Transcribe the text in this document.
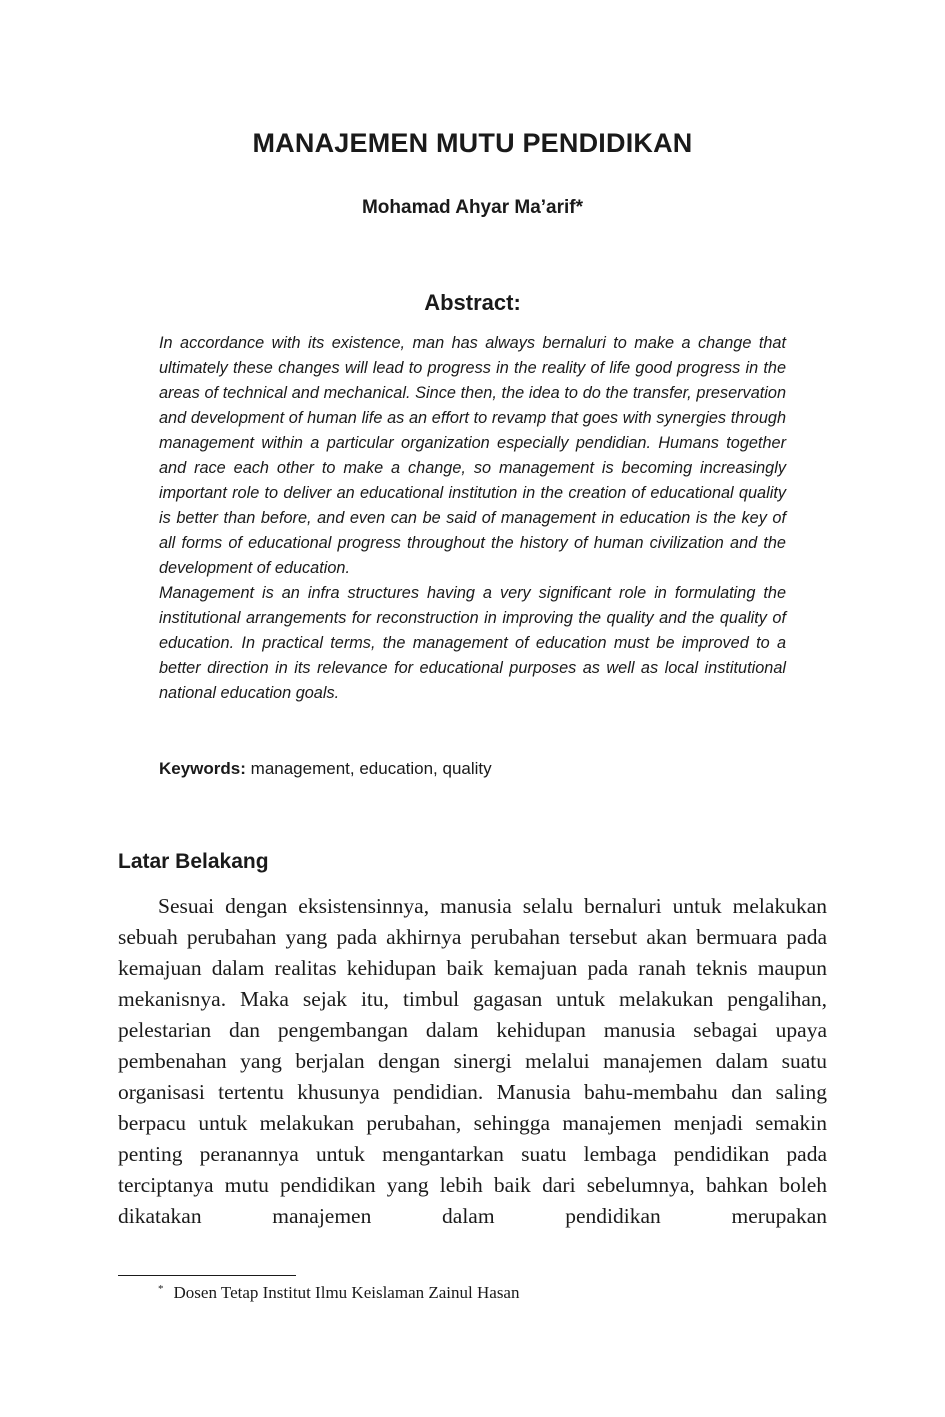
MANAJEMEN MUTU PENDIDIKAN
Mohamad Ahyar Ma’arif*
Abstract:

In accordance with its existence, man has always bernaluri to make a change that ultimately these changes will lead to progress in the reality of life good progress in the areas of technical and mechanical. Since then, the idea to do the transfer, preservation and development of human life as an effort to revamp that goes with synergies through management within a particular organization especially pendidian. Humans together and race each other to make a change, so management is becoming increasingly important role to deliver an educational institution in the creation of educational quality is better than before, and even can be said of management in education is the key of all forms of educational progress throughout the history of human civilization and the development of education.

Management is an infra structures having a very significant role in formulating the institutional arrangements for reconstruction in improving the quality and the quality of education. In practical terms, the management of education must be improved to a better direction in its relevance for educational purposes as well as local institutional national education goals.

Keywords: management, education, quality
Latar Belakang

Sesuai dengan eksistensinnya, manusia selalu bernaluri untuk melakukan sebuah perubahan yang pada akhirnya perubahan tersebut akan bermuara pada kemajuan dalam realitas kehidupan baik kemajuan pada ranah teknis maupun mekanisnya. Maka sejak itu, timbul gagasan untuk melakukan pengalihan, pelestarian dan pengembangan dalam kehidupan manusia sebagai upaya pembenahan yang berjalan dengan sinergi melalui manajemen dalam suatu organisasi tertentu khusunya pendidian. Manusia bahu-membahu dan saling berpacu untuk melakukan perubahan, sehingga manajemen menjadi semakin penting peranannya untuk mengantarkan suatu lembaga pendidikan pada terciptanya mutu pendidikan yang lebih baik dari sebelumnya, bahkan boleh dikatakan manajemen dalam pendidikan merupakan

* Dosen Tetap Institut Ilmu Keislaman Zainul Hasan
